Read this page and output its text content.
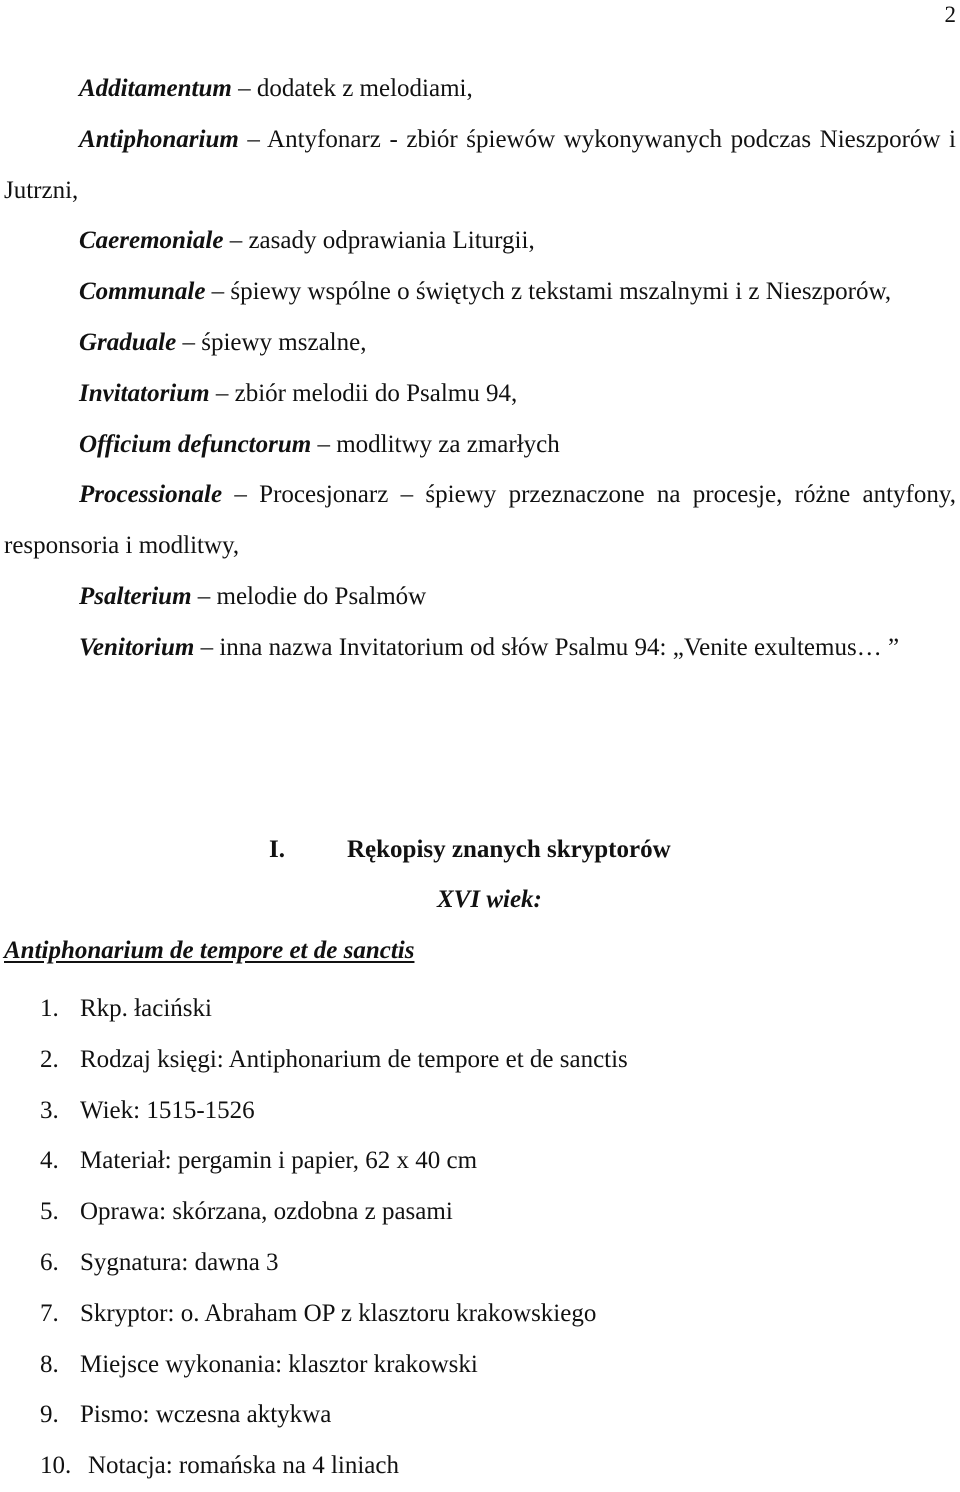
2

Additamentum – dodatek z melodiami,

Antiphonarium – Antyfonarz - zbiór śpiewów wykonywanych podczas Nieszporów i Jutrzni,

Caeremoniale – zasady odprawiania Liturgii,

Communale – śpiewy wspólne o świętych z tekstami mszalnymi i z Nieszporów,

Graduale – śpiewy mszalne,

Invitatorium – zbiór melodii do Psalmu 94,

Officium defunctorum – modlitwy za zmarłych

Processionale – Procesjonarz – śpiewy przeznaczone na procesje, różne antyfony, responsoria i modlitwy,

Psalterium – melodie do Psalmów

Venitorium – inna nazwa Invitatorium od słów Psalmu 94: „Venite exultemus… ”

I. Rękopisy znanych skryptorów
XVI wiek:
Antiphonarium de tempore et de sanctis
1. Rkp. łaciński
2. Rodzaj księgi: Antiphonarium de tempore et de sanctis
3. Wiek: 1515-1526
4. Materiał: pergamin i papier, 62 x 40 cm
5. Oprawa: skórzana, ozdobna z pasami
6. Sygnatura: dawna 3
7. Skryptor: o. Abraham OP z klasztoru krakowskiego
8. Miejsce wykonania: klasztor krakowski
9. Pismo: wczesna aktykwa
10. Notacja: romańska na 4 liniach
